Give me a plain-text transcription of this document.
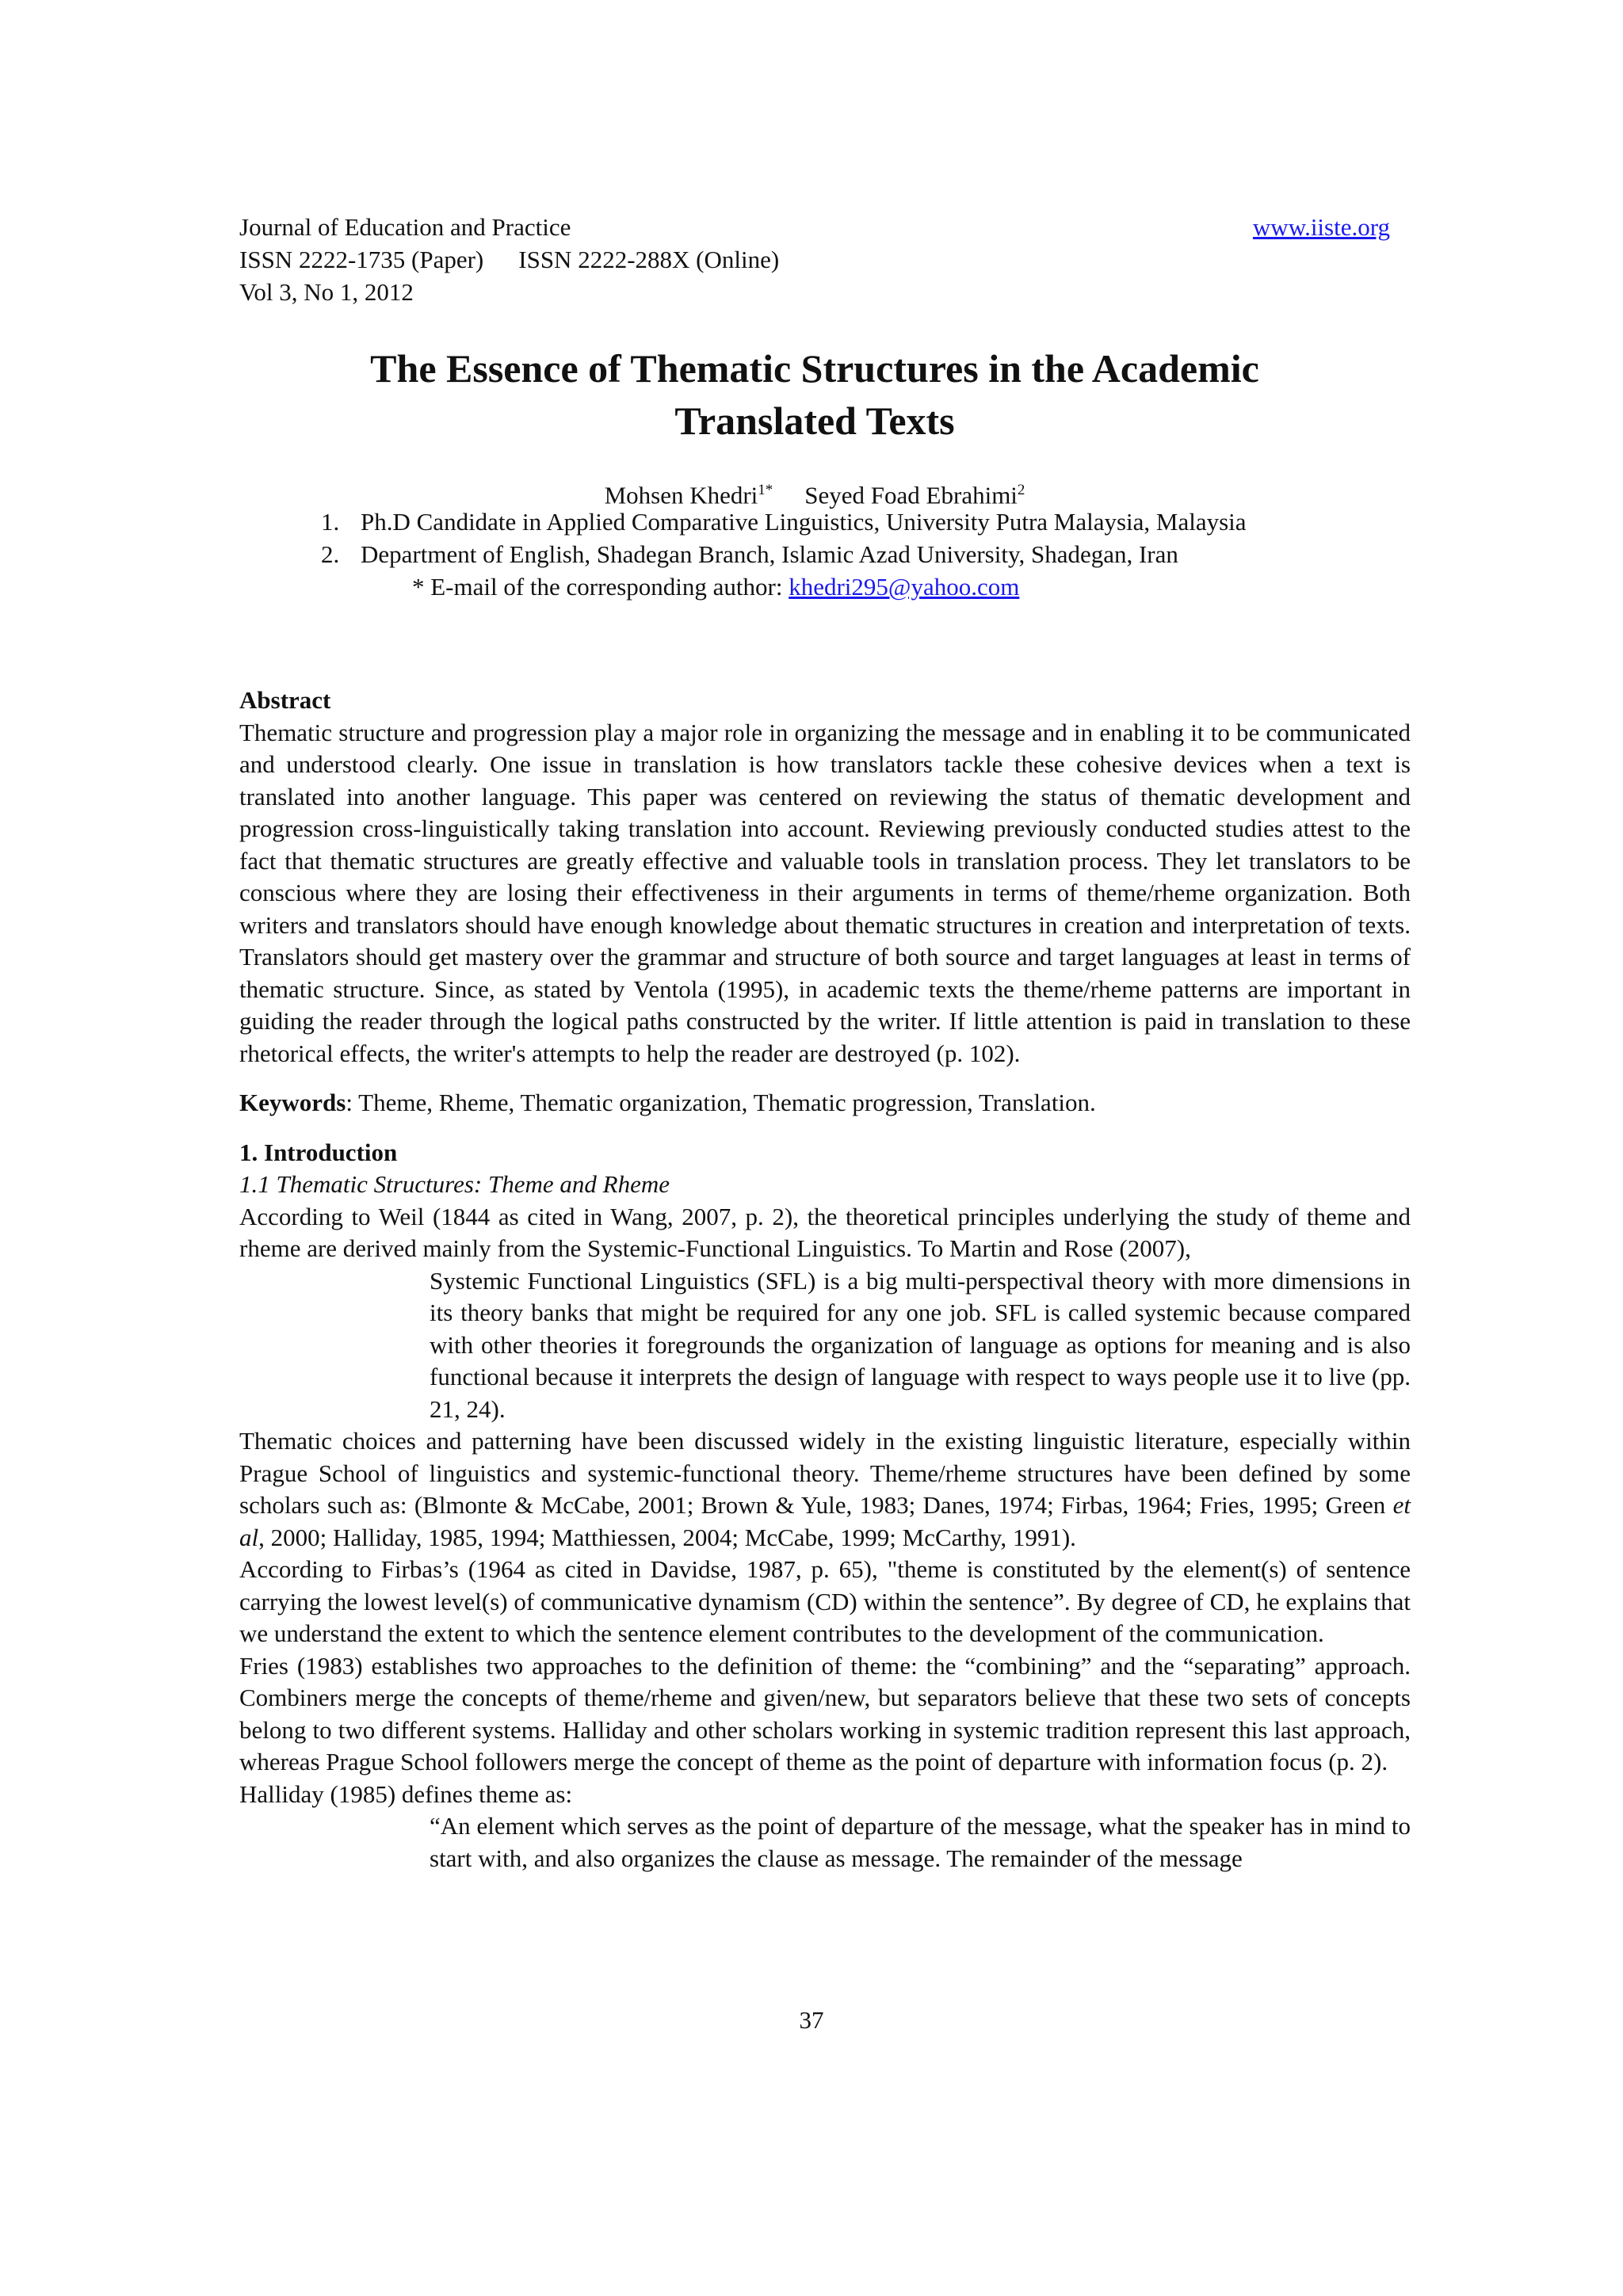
Journal of Education and Practice	www.iiste.org
ISSN 2222-1735 (Paper) ISSN 2222-288X (Online)
Vol 3, No 1, 2012
The Essence of Thematic Structures in the Academic
Translated Texts
Mohsen Khedri$^{1*}$ Seyed Foad Ebrahimi$^2$
1. Ph.D Candidate in Applied Comparative Linguistics, University Putra Malaysia, Malaysia
2. Department of English, Shadegan Branch, Islamic Azad University, Shadegan, Iran
* E-mail of the corresponding author: khedri295@yahoo.com

Abstract

Thematic structure and progression play a major role in organizing the message and in enabling it to be communicated and understood clearly. One issue in translation is how translators tackle these cohesive devices when a text is translated into another language. This paper was centered on reviewing the status of thematic development and progression cross-linguistically taking translation into account. Reviewing previously conducted studies attest to the fact that thematic structures are greatly effective and valuable tools in translation process. They let translators to be conscious where they are losing their effectiveness in their arguments in terms of theme/rheme organization. Both writers and translators should have enough knowledge about thematic structures in creation and interpretation of texts. Translators should get mastery over the grammar and structure of both source and target languages at least in terms of thematic structure. Since, as stated by Ventola (1995), in academic texts the theme/rheme patterns are important in guiding the reader through the logical paths constructed by the writer. If little attention is paid in translation to these rhetorical effects, the writer's attempts to help the reader are destroyed (p. 102).

Keywords: Theme, Rheme, Thematic organization, Thematic progression, Translation.

1. Introduction

1.1 Thematic Structures: Theme and Rheme

According to Weil (1844 as cited in Wang, 2007, p. 2), the theoretical principles underlying the study of theme and rheme are derived mainly from the Systemic-Functional Linguistics. To Martin and Rose (2007),

Systemic Functional Linguistics (SFL) is a big multi-perspectival theory with more dimensions in its theory banks that might be required for any one job. SFL is called systemic because compared with other theories it foregrounds the organization of language as options for meaning and is also functional because it interprets the design of language with respect to ways people use it to live (pp. 21, 24).

Thematic choices and patterning have been discussed widely in the existing linguistic literature, especially within Prague School of linguistics and systemic-functional theory. Theme/rheme structures have been defined by some scholars such as: (Blmonte & McCabe, 2001; Brown & Yule, 1983; Danes, 1974; Firbas, 1964; Fries, 1995; Green et al, 2000; Halliday, 1985, 1994; Matthiessen, 2004; McCabe, 1999; McCarthy, 1991).

According to Firbas’s (1964 as cited in Davidse, 1987, p. 65), "theme is constituted by the element(s) of sentence carrying the lowest level(s) of communicative dynamism (CD) within the sentence”. By degree of CD, he explains that we understand the extent to which the sentence element contributes to the development of the communication.

Fries (1983) establishes two approaches to the definition of theme: the “combining” and the “separating” approach. Combiners merge the concepts of theme/rheme and given/new, but separators believe that these two sets of concepts belong to two different systems. Halliday and other scholars working in systemic tradition represent this last approach, whereas Prague School followers merge the concept of theme as the point of departure with information focus (p. 2).

Halliday (1985) defines theme as:

“An element which serves as the point of departure of the message, what the speaker has in mind to start with, and also organizes the clause as message. The remainder of the message

37
